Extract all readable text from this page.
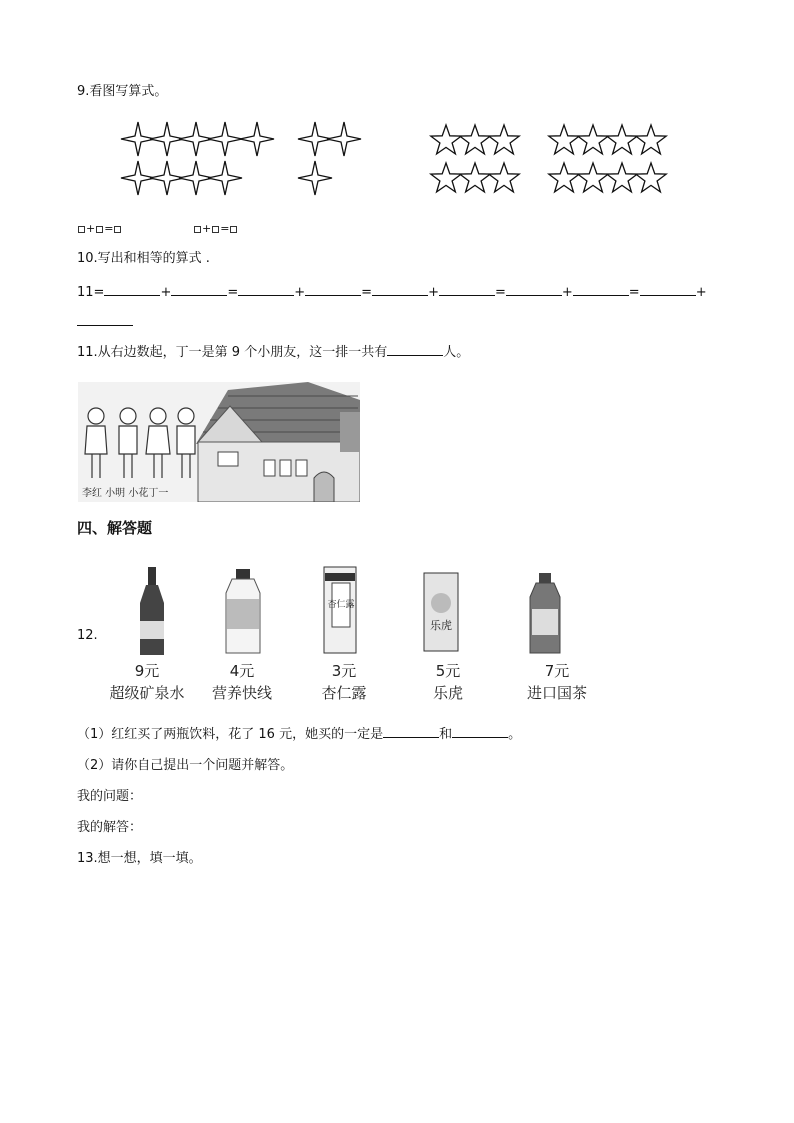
9.看图写算式。
+ =	+ =
10.写出和相等的算式 .
11=	+	=	+	=	+	=	+	=	+
11.从右边数起，丁一是第 9 个小朋友，这一排一共有	人。
李红 小明 小花丁一
四、解答题
12.
杏仁露
乐虎
9元
超级矿泉水
4元
营养快线
3元
杏仁露
5元
乐虎
7元
进口国茶
（1）红红买了两瓶饮料，花了 16 元，她买的一定是	和	。
（2）请你自己提出一个问题并解答。
我的问题：
我的解答：
13.想一想，填一填。
